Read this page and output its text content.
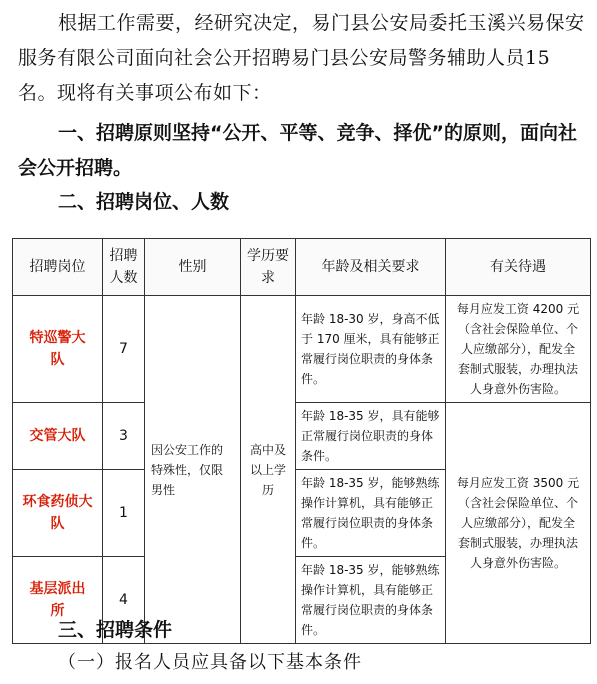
根据工作需要，经研究决定，易门县公安局委托玉溪兴易保安服务有限公司面向社会公开招聘易门县公安局警务辅助人员15名。现将有关事项公布如下：

一、招聘原则坚持“公开、平等、竞争、择优”的原则，面向社会公开招聘。

二、招聘岗位、人数

招聘岗位	招聘人数	性别	学历要求	年龄及相关要求	有关待遇
特巡警大队	7	因公安工作的特殊性，仅限男性	高中及以上学历	年龄 18-30 岁，身高不低于 170 厘米，具有能够正常履行岗位职责的身体条件。	每月应发工资 4200 元（含社会保险单位、个人应缴部分），配发全套制式服装，办理执法人身意外伤害险。
交管大队	3			年龄 18-35 岁，具有能够正常履行岗位职责的身体条件。	每月应发工资 3500 元（含社会保险单位、个人应缴部分），配发全套制式服装，办理执法人身意外伤害险。
环食药侦大队	1			年龄 18-35 岁，能够熟练操作计算机，具有能够正常履行岗位职责的身体条件。	
基层派出所	4			年龄 18-35 岁，能够熟练操作计算机，具有能够正常履行岗位职责的身体条件。	

三、招聘条件

（一）报名人员应具备以下基本条件
